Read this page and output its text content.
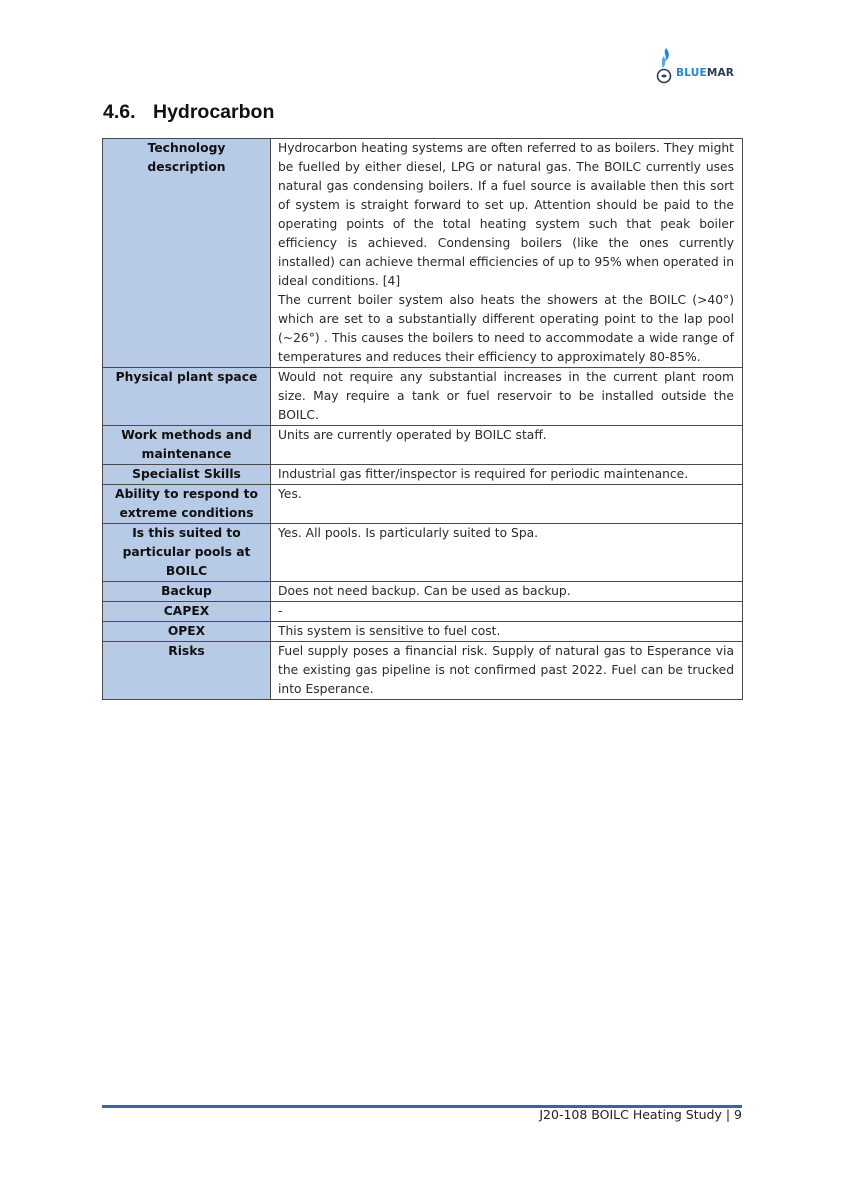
BLUEMAR
4.6. Hydrocarbon
Technology description	Hydrocarbon heating systems are often referred to as boilers. They might be fuelled by either diesel, LPG or natural gas. The BOILC currently uses natural gas condensing boilers. If a fuel source is available then this sort of system is straight forward to set up. Attention should be paid to the operating points of the total heating system such that peak boiler efficiency is achieved. Condensing boilers (like the ones currently installed) can achieve thermal efficiencies of up to 95% when operated in ideal conditions. [4]
The current boiler system also heats the showers at the BOILC (>40°) which are set to a substantially different operating point to the lap pool (~26°) . This causes the boilers to need to accommodate a wide range of temperatures and reduces their efficiency to approximately 80-85%.

Physical plant space	Would not require any substantial increases in the current plant room size. May require a tank or fuel reservoir to be installed outside the BOILC.
Work methods and maintenance	Units are currently operated by BOILC staff.
Specialist Skills	Industrial gas fitter/inspector is required for periodic maintenance.
Ability to respond to extreme conditions	Yes.
Is this suited to particular pools at BOILC	Yes. All pools. Is particularly suited to Spa.
Backup	Does not need backup. Can be used as backup.
CAPEX	-
OPEX	This system is sensitive to fuel cost.
Risks	Fuel supply poses a financial risk. Supply of natural gas to Esperance via the existing gas pipeline is not confirmed past 2022. Fuel can be trucked into Esperance.
J20-108 BOILC Heating Study | 9
